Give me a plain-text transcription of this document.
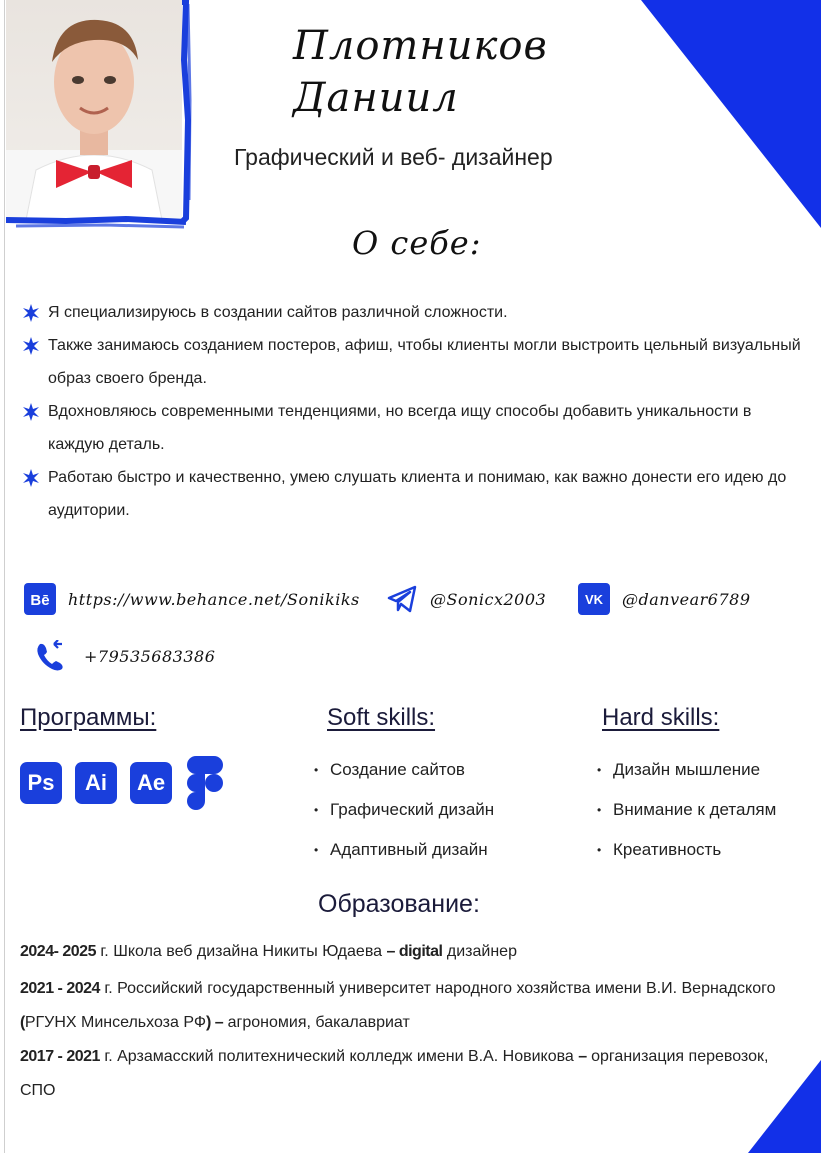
Плотников
Даниил
Графический и веб- дизайнер
О себе:

Я специализируюсь в создании сайтов различной сложности.

Также занимаюсь созданием постеров, афиш, чтобы клиенты могли выстроить цельный визуальный образ своего бренда.

Вдохновляюсь современными тенденциями, но всегда ищу способы добавить уникальности в каждую деталь.

Работаю быстро и качественно, умею слушать клиента и понимаю, как важно донести его идею до аудитории.

Bē https://www.behance.net/Sonikiks	@Sonicx2003	VK @danvear6789
+79535683386
Программы:
Ps	Ai	Ae
Soft skills:
• Создание сайтов
• Графический дизайн
• Адаптивный дизайн
Hard skills:
• Дизайн мышление
• Внимание к деталям
• Креативность
Образование:
2024- 2025 г. Школа веб дизайна Никиты Юдаева – digital дизайнер
2021 - 2024 г. Российский государственный университет народного хозяйства имени В.И. Вернадского (РГУНХ Минсельхоза РФ) – агрономия, бакалавриат
2017 - 2021 г. Арзамасский политехнический колледж имени В.А. Новикова – организация перевозок, СПО
